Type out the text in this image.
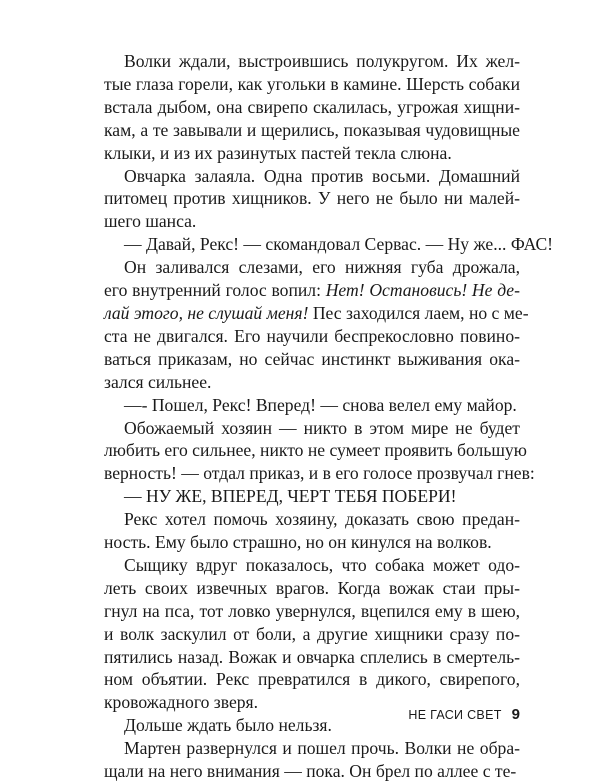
Волки ждали, выстроившись полукругом. Их жел-
тые глаза горели, как угольки в камине. Шерсть собаки
встала дыбом, она свирепо скалилась, угрожая хищни-
кам, а те завывали и щерились, показывая чудовищные
клыки, и из их разинутых пастей текла слюна.
Овчарка залаяла. Одна против восьми. Домашний
питомец против хищников. У него не было ни малей-
шего шанса.
— Давай, Рекс! — скомандовал Сервас. — Ну же... ФАС!
Он заливался слезами, его нижняя губа дрожала,
его внутренний голос вопил: Нет! Остановись! Не де-
лай этого, не слушай меня! Пес заходился лаем, но с ме-
ста не двигался. Его научили беспрекословно повино-
ваться приказам, но сейчас инстинкт выживания ока-
зался сильнее.
—- Пошел, Рекс! Вперед! — снова велел ему майор.
Обожаемый хозяин — никто в этом мире не будет
любить его сильнее, никто не сумеет проявить большую
верность! — отдал приказ, и в его голосе прозвучал гнев:
— НУ ЖЕ, ВПЕРЕД, ЧЕРТ ТЕБЯ ПОБЕРИ!
Рекс хотел помочь хозяину, доказать свою предан-
ность. Ему было страшно, но он кинулся на волков.
Сыщику вдруг показалось, что собака может одо-
леть своих извечных врагов. Когда вожак стаи пры-
гнул на пса, тот ловко увернулся, вцепился ему в шею,
и волк заскулил от боли, а другие хищники сразу по-
пятились назад. Вожак и овчарка сплелись в смертель-
ном объятии. Рекс превратился в дикого, свирепого,
кровожадного зверя.
Дольше ждать было нельзя.
Мартен развернулся и пошел прочь. Волки не обра-
щали на него внимания — пока. Он брел по аллее с те-
НЕ ГАСИ СВЕТ 9
